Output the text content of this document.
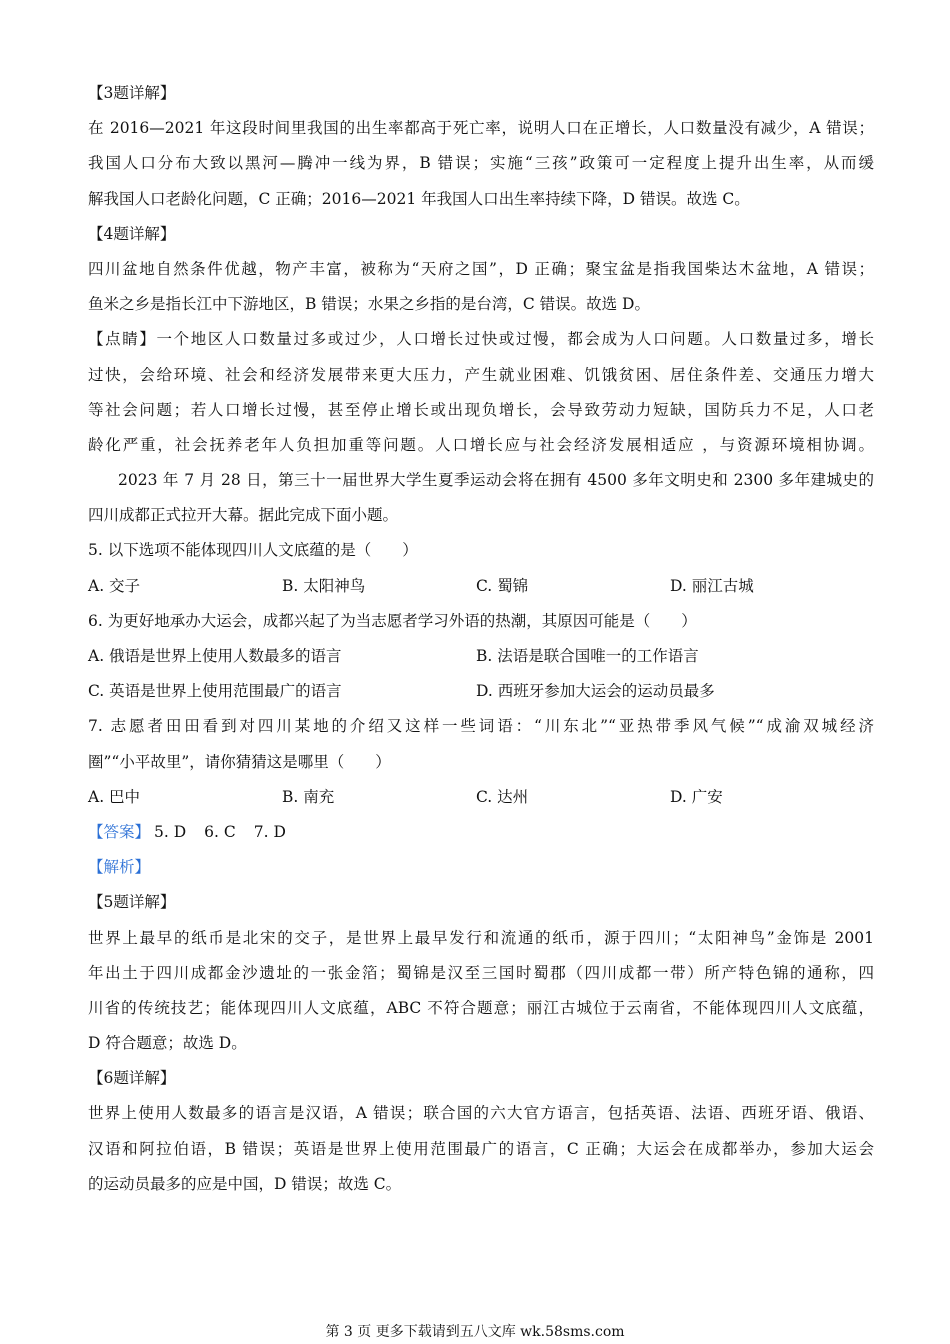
【3题详解】
在 2016—2021 年这段时间里我国的出生率都高于死亡率，说明人口在正增长，人口数量没有减少，A 错误；
我国人口分布大致以黑河—腾冲一线为界，B 错误；实施“三孩”政策可一定程度上提升出生率，从而缓
解我国人口老龄化问题，C 正确；2016—2021 年我国人口出生率持续下降，D 错误。故选 C。
【4题详解】
四川盆地自然条件优越，物产丰富，被称为“天府之国”，D 正确；聚宝盆是指我国柴达木盆地，A 错误；
鱼米之乡是指长江中下游地区，B 错误；水果之乡指的是台湾，C 错误。故选 D。
【点睛】一个地区人口数量过多或过少，人口增长过快或过慢，都会成为人口问题。人口数量过多，增长
过快，会给环境、社会和经济发展带来更大压力，产生就业困难、饥饿贫困、居住条件差、交通压力增大
等社会问题；若人口增长过慢，甚至停止增长或出现负增长，会导致劳动力短缺，国防兵力不足，人口老
龄化严重，社会抚养老年人负担加重等问题。人口增长应与社会经济发展相适应 ，与资源环境相协调。
2023 年 7 月 28 日，第三十一届世界大学生夏季运动会将在拥有 4500 多年文明史和 2300 多年建城史的
四川成都正式拉开大幕。据此完成下面小题。
5. 以下选项不能体现四川人文底蕴的是（　　）
A. 交子	B. 太阳神鸟	C. 蜀锦	D. 丽江古城
6. 为更好地承办大运会，成都兴起了为当志愿者学习外语的热潮，其原因可能是（　　）
A. 俄语是世界上使用人数最多的语言	B. 法语是联合国唯一的工作语言
C. 英语是世界上使用范围最广的语言	D. 西班牙参加大运会的运动员最多
7. 志愿者田田看到对四川某地的介绍又这样一些词语：“川东北”“亚热带季风气候”“成渝双城经济
圈”“小平故里”，请你猜猜这是哪里（　　）
A. 巴中	B. 南充	C. 达州	D. 广安
【答案】 5. D 6. C 7. D
【解析】
【5题详解】
世界上最早的纸币是北宋的交子，是世界上最早发行和流通的纸币，源于四川；“太阳神鸟”金饰是 2001
年出土于四川成都金沙遗址的一张金箔；蜀锦是汉至三国时蜀郡（四川成都一带）所产特色锦的通称，四
川省的传统技艺；能体现四川人文底蕴，ABC 不符合题意；丽江古城位于云南省，不能体现四川人文底蕴，
D 符合题意；故选 D。
【6题详解】
世界上使用人数最多的语言是汉语，A 错误；联合国的六大官方语言，包括英语、法语、西班牙语、俄语、
汉语和阿拉伯语，B 错误；英语是世界上使用范围最广的语言，C 正确；大运会在成都举办，参加大运会
的运动员最多的应是中国，D 错误；故选 C。
第 3 页 更多下载请到五八文库 wk.58sms.com
